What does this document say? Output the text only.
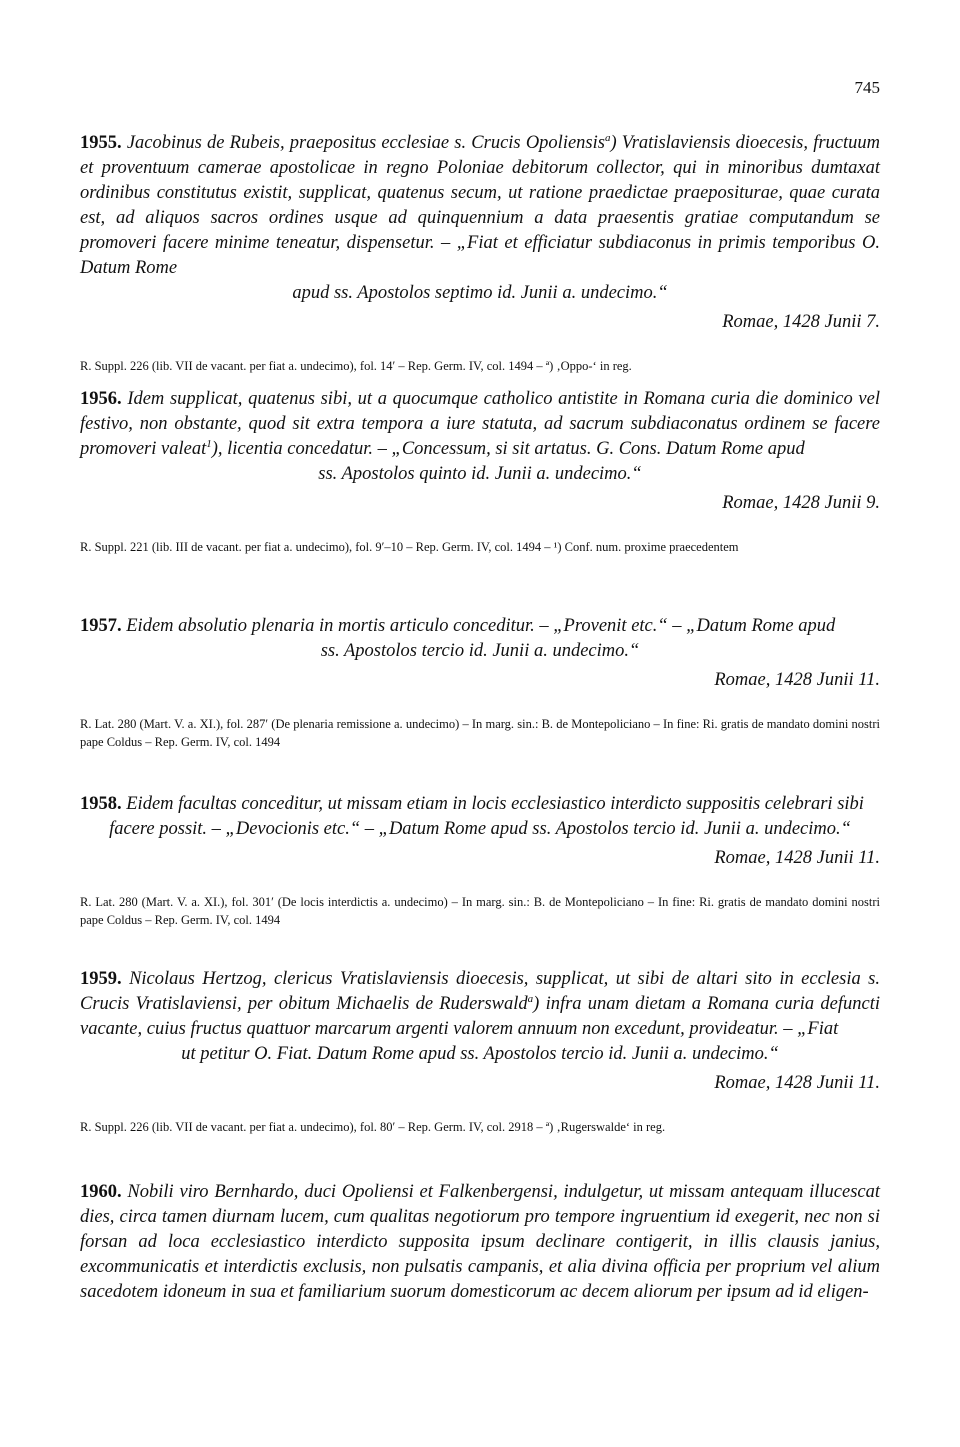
745
1955. Jacobinus de Rubeis, praepositus ecclesiae s. Crucis Opoliensis$^a$) Vratislaviensis dioecesis, fructuum et proventuum camerae apostolicae in regno Poloniae debitorum collector, qui in minoribus dumtaxat ordinibus constitutus existit, supplicat, quatenus secum, ut ratione praedictae praepositurae, quae curata est, ad aliquos sacros ordines usque ad quinquennium a data praesentis gratiae computandum se promoveri facere minime teneatur, dispensetur. – „Fiat et efficiatur subdiaconus in primis temporibus O. Datum Rome
apud ss. Apostolos septimo id. Junii a. undecimo.“
Romae, 1428 Junii 7.
R. Suppl. 226 (lib. VII de vacant. per fiat a. undecimo), fol. 14′ – Rep. Germ. IV, col. 1494 – ª) ‚Oppo-‘ in reg.
1956. Idem supplicat, quatenus sibi, ut a quocumque catholico antistite in Romana curia die dominico vel festivo, non obstante, quod sit extra tempora a iure statuta, ad sacrum subdiaconatus ordinem se facere promoveri valeat$^1$), licentia concedatur. – „Concessum, si sit artatus. G. Cons. Datum Rome apud
ss. Apostolos quinto id. Junii a. undecimo.“
Romae, 1428 Junii 9.
R. Suppl. 221 (lib. III de vacant. per fiat a. undecimo), fol. 9′–10 – Rep. Germ. IV, col. 1494 – ¹) Conf. num. proxime praecedentem
1957. Eidem absolutio plenaria in mortis articulo conceditur. – „Provenit etc.“ – „Datum Rome apud
ss. Apostolos tercio id. Junii a. undecimo.“
Romae, 1428 Junii 11.
R. Lat. 280 (Mart. V. a. XI.), fol. 287′ (De plenaria remissione a. undecimo) – In marg. sin.: B. de Montepoliciano – In fine: Ri. gratis de mandato domini nostri pape Coldus – Rep. Germ. IV, col. 1494
1958. Eidem facultas conceditur, ut missam etiam in locis ecclesiastico interdicto suppositis celebrari sibi
facere possit. – „Devocionis etc.“ – „Datum Rome apud ss. Apostolos tercio id. Junii a. undecimo.“
Romae, 1428 Junii 11.
R. Lat. 280 (Mart. V. a. XI.), fol. 301′ (De locis interdictis a. undecimo) – In marg. sin.: B. de Montepoliciano – In fine: Ri. gratis de mandato domini nostri pape Coldus – Rep. Germ. IV, col. 1494
1959. Nicolaus Hertzog, clericus Vratislaviensis dioecesis, supplicat, ut sibi de altari sito in ecclesia s. Crucis Vratislaviensi, per obitum Michaelis de Ruderswald$^a$) infra unam dietam a Romana curia defuncti vacante, cuius fructus quattuor marcarum argenti valorem annuum non excedunt, provideatur. – „Fiat
ut petitur O. Fiat. Datum Rome apud ss. Apostolos tercio id. Junii a. undecimo.“
Romae, 1428 Junii 11.
R. Suppl. 226 (lib. VII de vacant. per fiat a. undecimo), fol. 80′ – Rep. Germ. IV, col. 2918 – ª) ‚Rugerswalde‘ in reg.
1960. Nobili viro Bernhardo, duci Opoliensi et Falkenbergensi, indulgetur, ut missam antequam illucescat dies, circa tamen diurnam lucem, cum qualitas negotiorum pro tempore ingruentium id exegerit, nec non si forsan ad loca ecclesiastico interdicto supposita ipsum declinare contigerit, in illis clausis janius, excommunicatis et interdictis exclusis, non pulsatis campanis, et alia divina officia per proprium vel alium sacedotem idoneum in sua et familiarium suorum domesticorum ac decem aliorum per ipsum ad id eligen-
